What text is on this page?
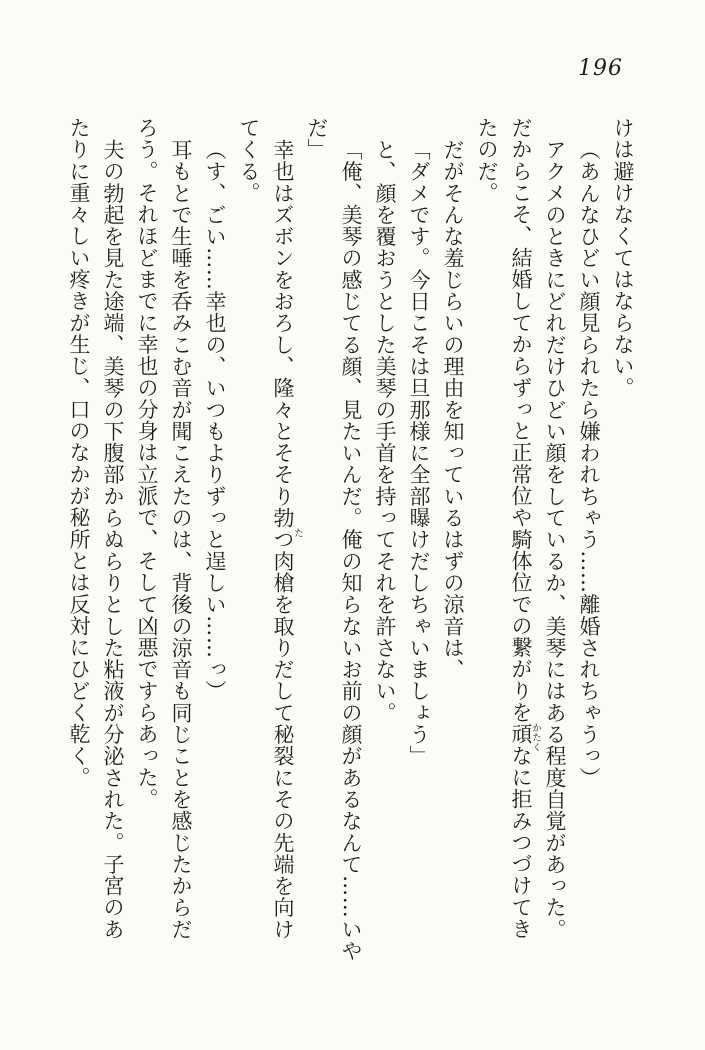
196
けは避けなくてはならない。
（あんなひどい顔見られたら嫌われちゃう……離婚されちゃうっ）
アクメのときにどれだけひどい顔をしているか、美琴にはある程度自覚があった。
だからこそ、結婚してからずっと正常位や騎体位での繋がりを頑なに拒みつづけてき
かたく
たのだ。
だがそんな羞じらいの理由を知っているはずの涼音は、
「ダメです。今日こそは旦那様に全部曝けだしちゃいましょう」
と、顔を覆おうとした美琴の手首を持ってそれを許さない。
「俺、美琴の感じてる顔、見たいんだ。俺の知らないお前の顔があるなんて……いや
だ」
幸也はズボンをおろし、隆々とそそり勃つ肉槍を取りだして秘裂にその先端を向け
た
てくる。
（す、ごい……幸也の、いつもよりずっと逞しい……っ）
耳もとで生唾を呑みこむ音が聞こえたのは、背後の涼音も同じことを感じたからだ
ろう。それほどまでに幸也の分身は立派で、そして凶悪ですらあった。
夫の勃起を見た途端、美琴の下腹部からぬらりとした粘液が分泌された。子宮のあ
たりに重々しい疼きが生じ、口のなかが秘所とは反対にひどく乾く。
